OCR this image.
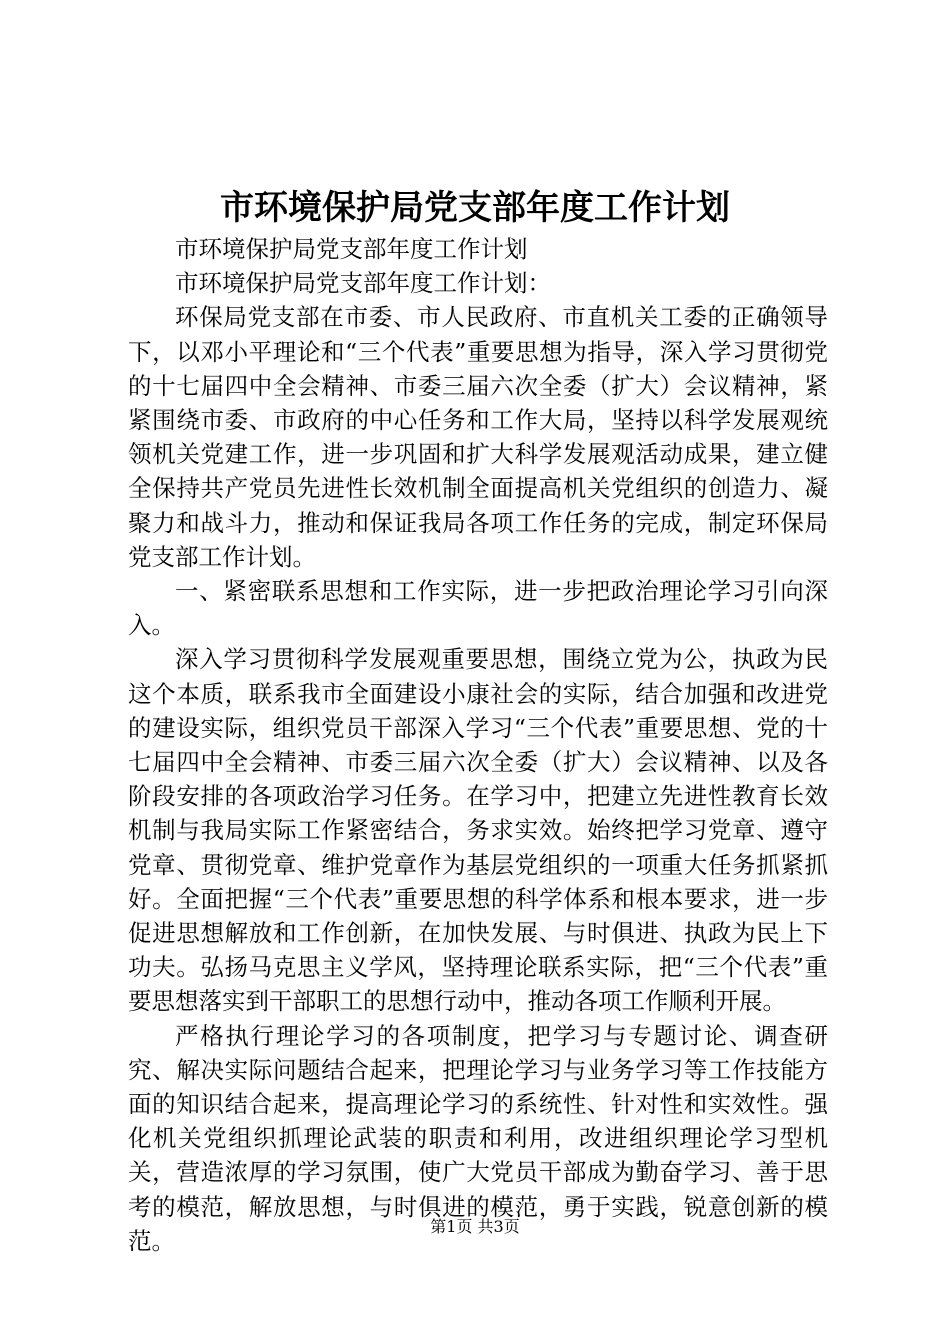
市环境保护局党支部年度工作计划

市环境保护局党支部年度工作计划

市环境保护局党支部年度工作计划：

环保局党支部在市委、市人民政府、市直机关工委的正确领导下，以邓小平理论和“三个代表”重要思想为指导，深入学习贯彻党的十七届四中全会精神、市委三届六次全委（扩大）会议精神，紧紧围绕市委、市政府的中心任务和工作大局，坚持以科学发展观统领机关党建工作，进一步巩固和扩大科学发展观活动成果，建立健全保持共产党员先进性长效机制全面提高机关党组织的创造力、凝聚力和战斗力，推动和保证我局各项工作任务的完成，制定环保局党支部工作计划。

一、紧密联系思想和工作实际，进一步把政治理论学习引向深入。

深入学习贯彻科学发展观重要思想，围绕立党为公，执政为民这个本质，联系我市全面建设小康社会的实际，结合加强和改进党的建设实际，组织党员干部深入学习“三个代表”重要思想、党的十七届四中全会精神、市委三届六次全委（扩大）会议精神、以及各阶段安排的各项政治学习任务。在学习中，把建立先进性教育长效机制与我局实际工作紧密结合，务求实效。始终把学习党章、遵守党章、贯彻党章、维护党章作为基层党组织的一项重大任务抓紧抓好。全面把握“三个代表”重要思想的科学体系和根本要求，进一步促进思想解放和工作创新，在加快发展、与时俱进、执政为民上下功夫。弘扬马克思主义学风，坚持理论联系实际，把“三个代表”重要思想落实到干部职工的思想行动中，推动各项工作顺利开展。

严格执行理论学习的各项制度，把学习与专题讨论、调查研究、解决实际问题结合起来，把理论学习与业务学习等工作技能方面的知识结合起来，提高理论学习的系统性、针对性和实效性。强化机关党组织抓理论武装的职责和利用，改进组织理论学习型机关，营造浓厚的学习氛围，使广大党员干部成为勤奋学习、善于思考的模范，解放思想，与时俱进的模范，勇于实践，锐意创新的模范。

第1页 共3页
